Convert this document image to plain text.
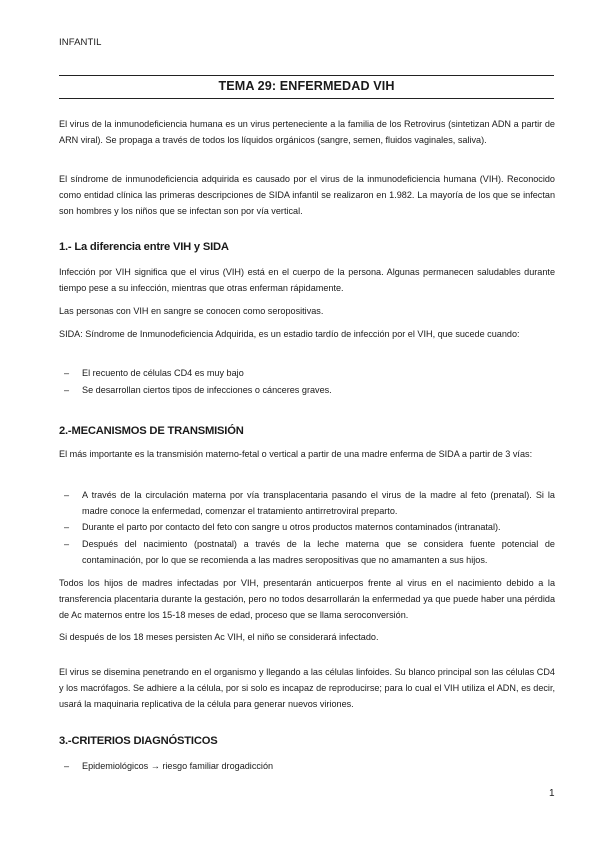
INFANTIL
TEMA 29: ENFERMEDAD VIH

El virus de la inmunodeficiencia humana es un virus perteneciente a la familia de los Retrovirus (sintetizan ADN a partir de ARN viral). Se propaga a través de todos los líquidos orgánicos (sangre, semen, fluidos vaginales, saliva).

El síndrome de inmunodeficiencia adquirida es causado por el virus de la inmunodeficiencia humana (VIH). Reconocido como entidad clínica las primeras descripciones de SIDA infantil se realizaron en 1.982. La mayoría de los que se infectan son hombres y los niños que se infectan son por vía vertical.

1.- La diferencia entre VIH y SIDA

Infección por VIH significa que el virus (VIH) está en el cuerpo de la persona. Algunas permanecen saludables durante tiempo pese a su infección, mientras que otras enferman rápidamente.

Las personas con VIH en sangre se conocen como seropositivas.

SIDA: Síndrome de Inmunodeficiencia Adquirida, es un estadio tardío de infección por el VIH, que sucede cuando:

– El recuento de células CD4 es muy bajo
– Se desarrollan ciertos tipos de infecciones o cánceres graves.
2.-MECANISMOS DE TRANSMISIÓN

El más importante es la transmisión materno-fetal o vertical a partir de una madre enferma de SIDA a partir de 3 vías:

– A través de la circulación materna por vía transplacentaria pasando el virus de la madre al feto (prenatal). Si la madre conoce la enfermedad, comenzar el tratamiento antirretroviral preparto.
– Durante el parto por contacto del feto con sangre u otros productos maternos contaminados (intranatal).
– Después del nacimiento (postnatal) a través de la leche materna que se considera fuente potencial de contaminación, por lo que se recomienda a las madres seropositivas que no amamanten a sus hijos.

Todos los hijos de madres infectadas por VIH, presentarán anticuerpos frente al virus en el nacimiento debido a la transferencia placentaria durante la gestación, pero no todos desarrollarán la enfermedad ya que puede haber una pérdida de Ac maternos entre los 15-18 meses de edad, proceso que se llama seroconversión.

Si después de los 18 meses persisten Ac VIH, el niño se considerará infectado.

El virus se disemina penetrando en el organismo y llegando a las células linfoides. Su blanco principal son las células CD4 y los macrófagos. Se adhiere a la célula, por si solo es incapaz de reproducirse; para lo cual el VIH utiliza el ADN, es decir, usará la maquinaria replicativa de la célula para generar nuevos viriones.

3.-CRITERIOS DIAGNÓSTICOS
– Epidemiológicos → riesgo familiar drogadicción
1
